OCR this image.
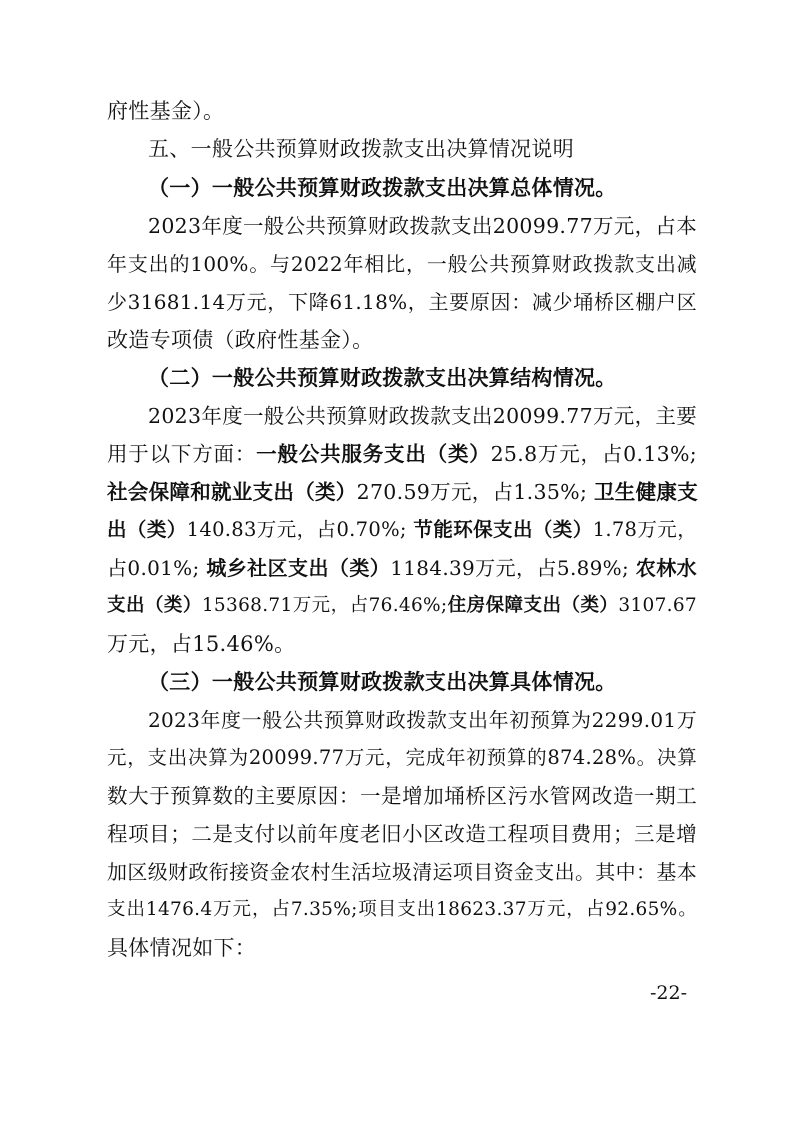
府性基金）。
五、一般公共预算财政拨款支出决算情况说明
（一）一般公共预算财政拨款支出决算总体情况。
2023年度一般公共预算财政拨款支出20099.77万元，占本
年支出的100%。与2022年相比，一般公共预算财政拨款支出减
少31681.14万元，下降61.18%，主要原因：减少埇桥区棚户区
改造专项债（政府性基金）。
（二）一般公共预算财政拨款支出决算结构情况。
2023年度一般公共预算财政拨款支出20099.77万元，主要
用于以下方面：一般公共服务支出（类）25.8万元，占0.13%;
社会保障和就业支出（类）270.59万元，占1.35%; 卫生健康支
出（类）140.83万元，占0.70%; 节能环保支出（类）1.78万元，
占0.01%; 城乡社区支出（类）1184.39万元，占5.89%; 农林水
支出（类）15368.71万元，占76.46%;住房保障支出（类）3107.67
万元，占15.46%。
（三）一般公共预算财政拨款支出决算具体情况。
2023年度一般公共预算财政拨款支出年初预算为2299.01万
元，支出决算为20099.77万元，完成年初预算的874.28%。决算
数大于预算数的主要原因：一是增加埇桥区污水管网改造一期工
程项目；二是支付以前年度老旧小区改造工程项目费用；三是增
加区级财政衔接资金农村生活垃圾清运项目资金支出。其中：基本
支出1476.4万元，占7.35%;项目支出18623.37万元，占92.65%。
具体情况如下：
-22-
